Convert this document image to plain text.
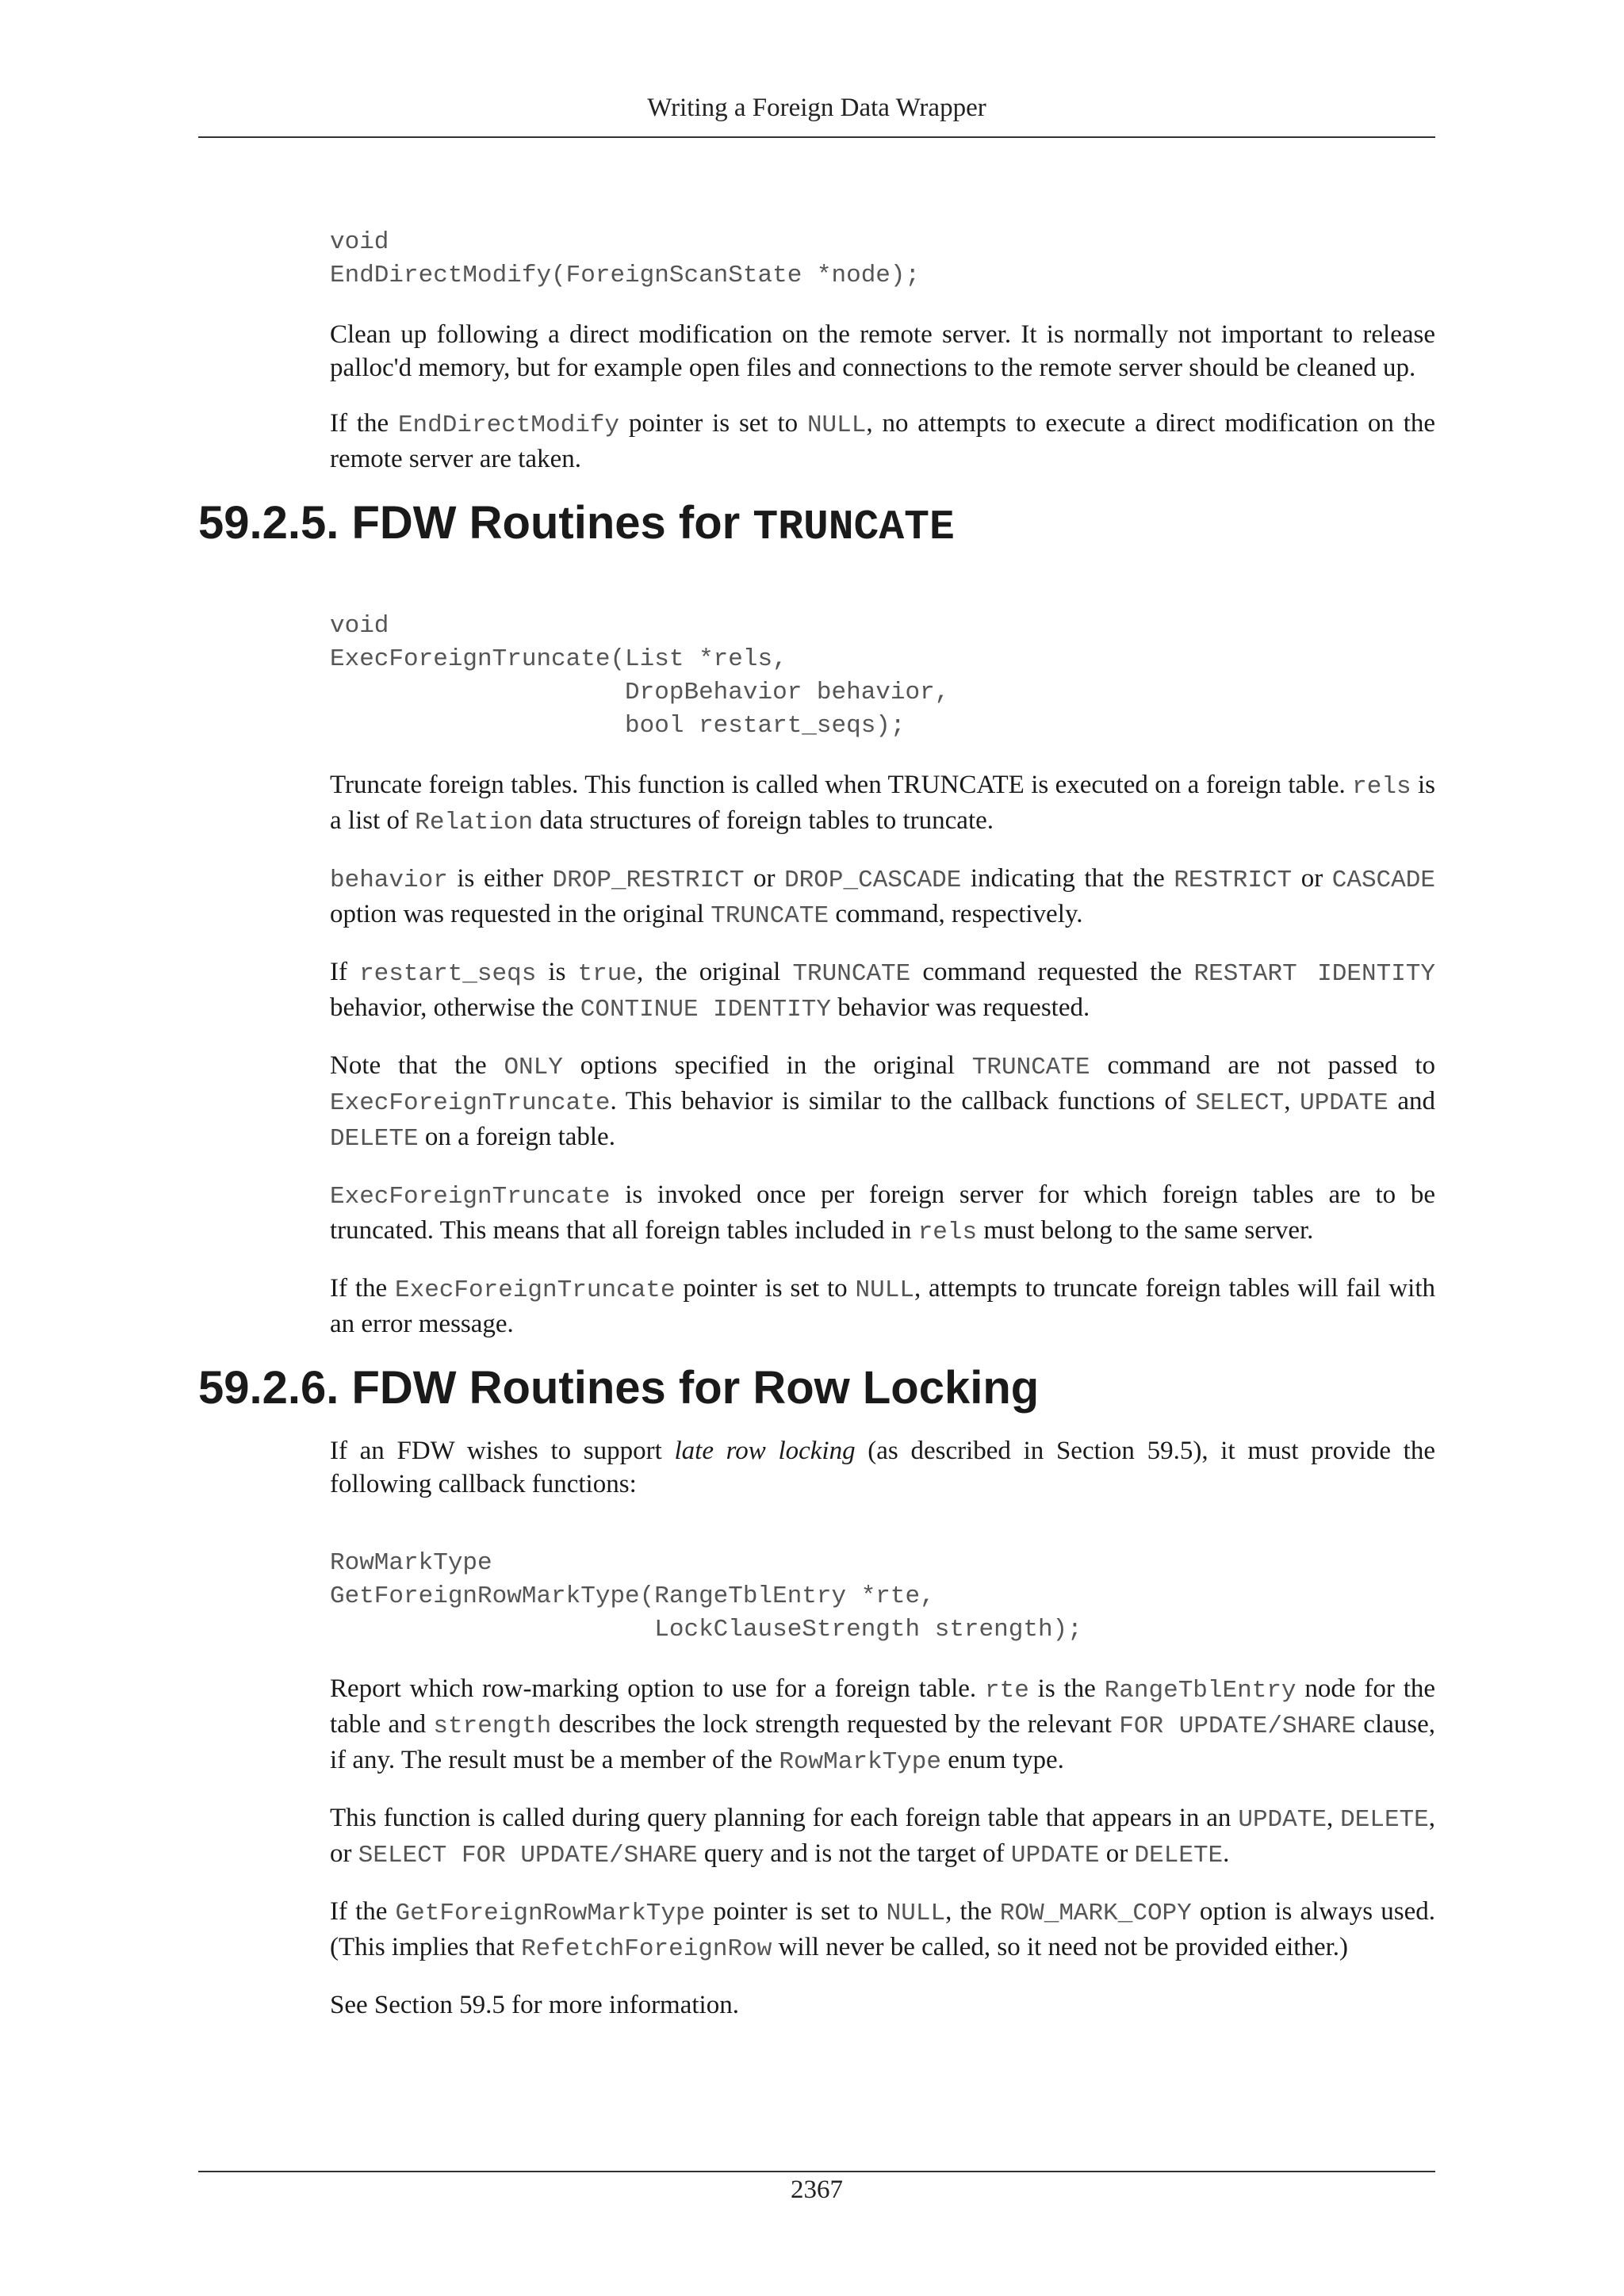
Writing a Foreign Data Wrapper
void
EndDirectModify(ForeignScanState *node);

Clean up following a direct modification on the remote server. It is normally not important to release palloc'd memory, but for example open files and connections to the remote server should be cleaned up.

If the EndDirectModify pointer is set to NULL, no attempts to execute a direct modification on the remote server are taken.

59.2.5. FDW Routines for TRUNCATE
void
ExecForeignTruncate(List *rels,
DropBehavior behavior,
bool restart_seqs);

Truncate foreign tables. This function is called when TRUNCATE is executed on a foreign table. rels is a list of Relation data structures of foreign tables to truncate.

behavior is either DROP_RESTRICT or DROP_CASCADE indicating that the RESTRICT or CASCADE option was requested in the original TRUNCATE command, respectively.

If restart_seqs is true, the original TRUNCATE command requested the RESTART IDENTITY behavior, otherwise the CONTINUE IDENTITY behavior was requested.

Note that the ONLY options specified in the original TRUNCATE command are not passed to ExecForeignTruncate. This behavior is similar to the callback functions of SELECT, UPDATE and DELETE on a foreign table.

ExecForeignTruncate is invoked once per foreign server for which foreign tables are to be truncated. This means that all foreign tables included in rels must belong to the same server.

If the ExecForeignTruncate pointer is set to NULL, attempts to truncate foreign tables will fail with an error message.

59.2.6. FDW Routines for Row Locking

If an FDW wishes to support late row locking (as described in Section 59.5), it must provide the following callback functions:

RowMarkType
GetForeignRowMarkType(RangeTblEntry *rte,
LockClauseStrength strength);

Report which row-marking option to use for a foreign table. rte is the RangeTblEntry node for the table and strength describes the lock strength requested by the relevant FOR UPDATE/SHARE clause, if any. The result must be a member of the RowMarkType enum type.

This function is called during query planning for each foreign table that appears in an UPDATE, DELETE, or SELECT FOR UPDATE/SHARE query and is not the target of UPDATE or DELETE.

If the GetForeignRowMarkType pointer is set to NULL, the ROW_MARK_COPY option is always used. (This implies that RefetchForeignRow will never be called, so it need not be provided either.)

See Section 59.5 for more information.

2367
